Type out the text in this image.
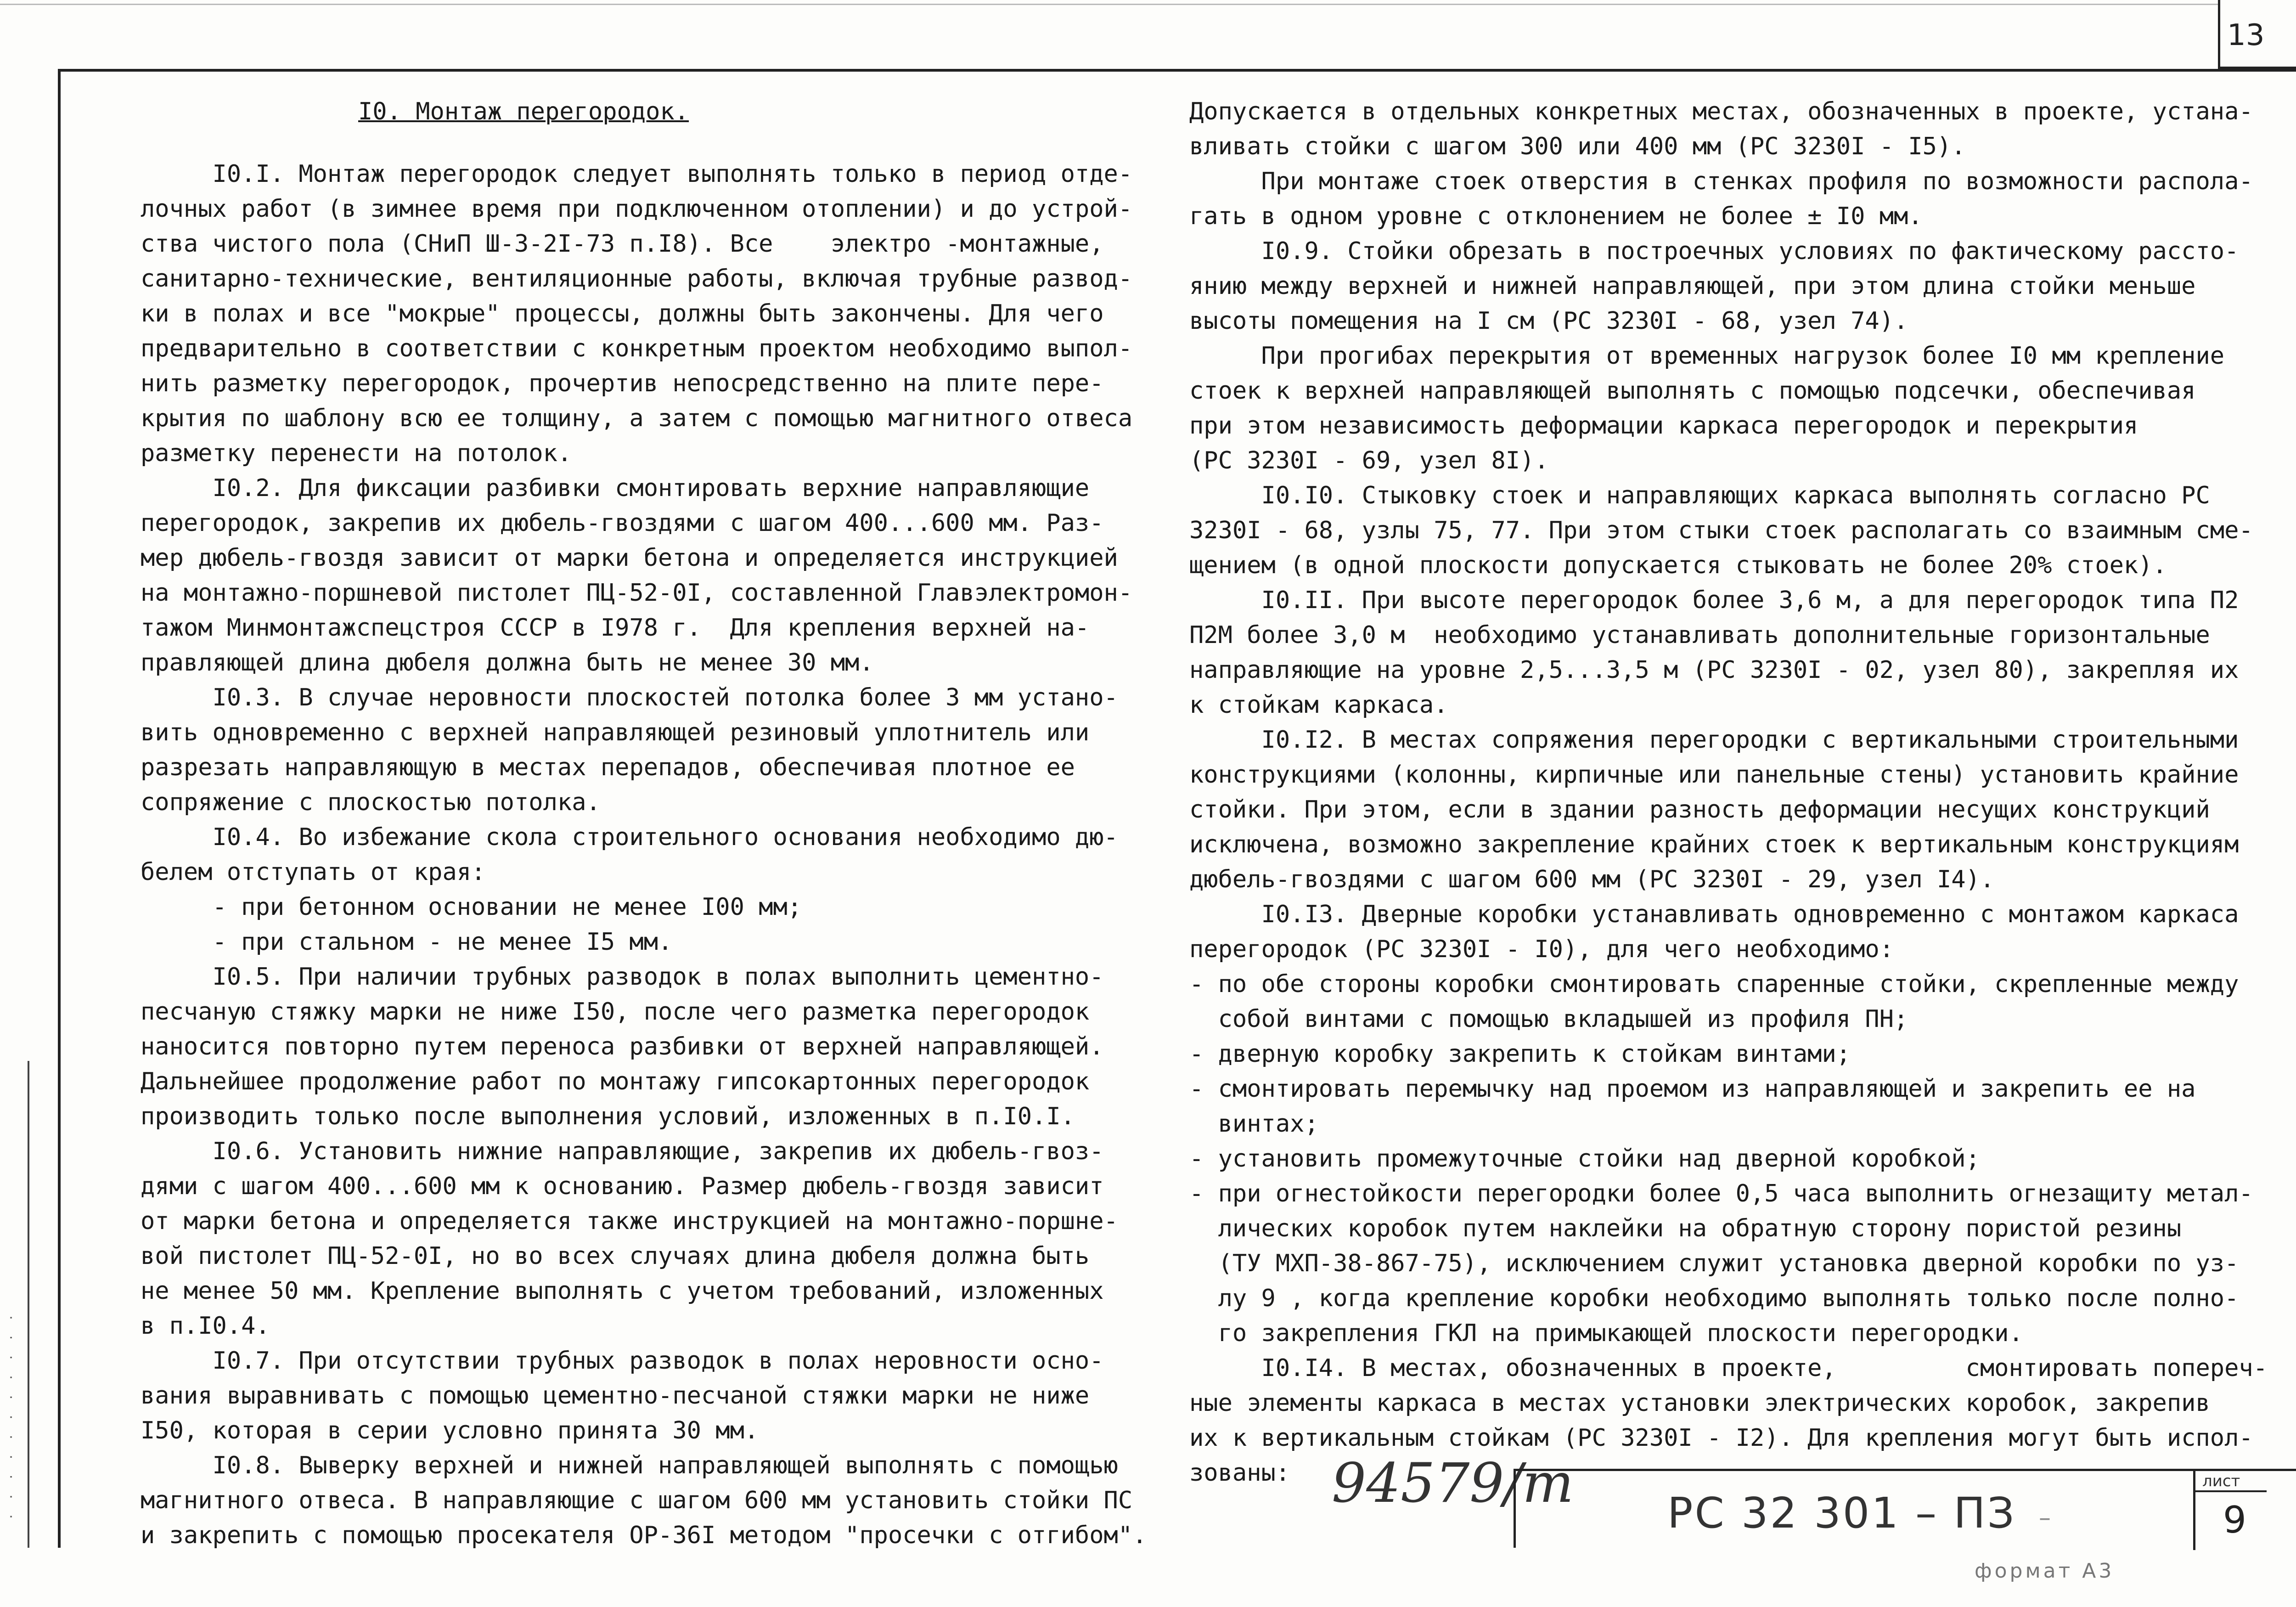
13
· · · · · · · · · · ·
I0. Монтаж перегородок.
I0.I. Монтаж перегородок следует выполнять только в период отде-
лочных работ (в зимнее время при подключенном отоплении) и до устрой-
ства чистого пола (СНиП Ш-3-2I-73 п.I8). Все    электро -монтажные,
санитарно-технические, вентиляционные работы, включая трубные развод-
ки в полах и все "мокрые" процессы, должны быть закончены. Для чего
предварительно в соответствии с конкретным проектом необходимо выпол-
нить разметку перегородок, прочертив непосредственно на плите пере-
крытия по шаблону всю ее толщину, а затем с помощью магнитного отвеса
разметку перенести на потолок.
I0.2. Для фиксации разбивки смонтировать верхние направляющие
перегородок, закрепив их дюбель-гвоздями с шагом 400...600 мм. Раз-
мер дюбель-гвоздя зависит от марки бетона и определяется инструкцией
на монтажно-поршневой пистолет ПЦ-52-0I, составленной Главэлектромон-
тажом Минмонтажспецстроя СССР в I978 г.  Для крепления верхней на-
правляющей длина дюбеля должна быть не менее 30 мм.
I0.3. В случае неровности плоскостей потолка более 3 мм устано-
вить одновременно с верхней направляющей резиновый уплотнитель или
разрезать направляющую в местах перепадов, обеспечивая плотное ее
сопряжение с плоскостью потолка.
I0.4. Во избежание скола строительного основания необходимо дю-
белем отступать от края:
- при бетонном основании не менее I00 мм;
- при стальном - не менее I5 мм.
I0.5. При наличии трубных разводок в полах выполнить цементно-
песчаную стяжку марки не ниже I50, после чего разметка перегородок
наносится повторно путем переноса разбивки от верхней направляющей.
Дальнейшее продолжение работ по монтажу гипсокартонных перегородок
производить только после выполнения условий, изложенных в п.I0.I.
I0.6. Установить нижние направляющие, закрепив их дюбель-гвоз-
дями с шагом 400...600 мм к основанию. Размер дюбель-гвоздя зависит
от марки бетона и определяется также инструкцией на монтажно-поршне-
вой пистолет ПЦ-52-0I, но во всех случаях длина дюбеля должна быть
не менее 50 мм. Крепление выполнять с учетом требований, изложенных
в п.I0.4.
I0.7. При отсутствии трубных разводок в полах неровности осно-
вания выравнивать с помощью цементно-песчаной стяжки марки не ниже
I50, которая в серии условно принята 30 мм.
I0.8. Выверку верхней и нижней направляющей выполнять с помощью
магнитного отвеса. В направляющие с шагом 600 мм установить стойки ПС
и закрепить с помощью просекателя ОР-36I методом "просечки с отгибом".
Допускается в отдельных конкретных местах, обозначенных в проекте, устана-
вливать стойки с шагом 300 или 400 мм (РС 3230I - I5).
При монтаже стоек отверстия в стенках профиля по возможности распола-
гать в одном уровне с отклонением не более ± I0 мм.
I0.9. Стойки обрезать в построечных условиях по фактическому рассто-
янию между верхней и нижней направляющей, при этом длина стойки меньше
высоты помещения на I см (РС 3230I - 68, узел 74).
При прогибах перекрытия от временных нагрузок более I0 мм крепление
стоек к верхней направляющей выполнять с помощью подсечки, обеспечивая
при этом независимость деформации каркаса перегородок и перекрытия
(РС 3230I - 69, узел 8I).
I0.I0. Стыковку стоек и направляющих каркаса выполнять согласно РС
3230I - 68, узлы 75, 77. При этом стыки стоек располагать со взаимным сме-
щением (в одной плоскости допускается стыковать не более 20% стоек).
I0.II. При высоте перегородок более 3,6 м, а для перегородок типа П2
П2М более 3,0 м  необходимо устанавливать дополнительные горизонтальные
направляющие на уровне 2,5...3,5 м (РС 3230I - 02, узел 80), закрепляя их
к стойкам каркаса.
I0.I2. В местах сопряжения перегородки с вертикальными строительными
конструкциями (колонны, кирпичные или панельные стены) установить крайние
стойки. При этом, если в здании разность деформации несущих конструкций
исключена, возможно закрепление крайних стоек к вертикальным конструкциям
дюбель-гвоздями с шагом 600 мм (РС 3230I - 29, узел I4).
I0.I3. Дверные коробки устанавливать одновременно с монтажом каркаса
перегородок (РС 3230I - I0), для чего необходимо:
- по обе стороны коробки смонтировать спаренные стойки, скрепленные между
собой винтами с помощью вкладышей из профиля ПН;
- дверную коробку закрепить к стойкам винтами;
- смонтировать перемычку над проемом из направляющей и закрепить ее на
винтах;
- установить промежуточные стойки над дверной коробкой;
- при огнестойкости перегородки более 0,5 часа выполнить огнезащиту метал-
лических коробок путем наклейки на обратную сторону пористой резины
(ТУ МХП-38-867-75), исключением служит установка дверной коробки по уз-
лу 9 , когда крепление коробки необходимо выполнять только после полно-
го закрепления ГКЛ на примыкающей плоскости перегородки.
I0.I4. В местах, обозначенных в проекте,         смонтировать попереч-
ные элементы каркаса в местах установки электрических коробок, закрепив
их к вертикальным стойкам (РС 3230I - I2). Для крепления могут быть испол-
зованы: 94579/т РС 32 301 – ПЗ
лист
9
–
формат А3
